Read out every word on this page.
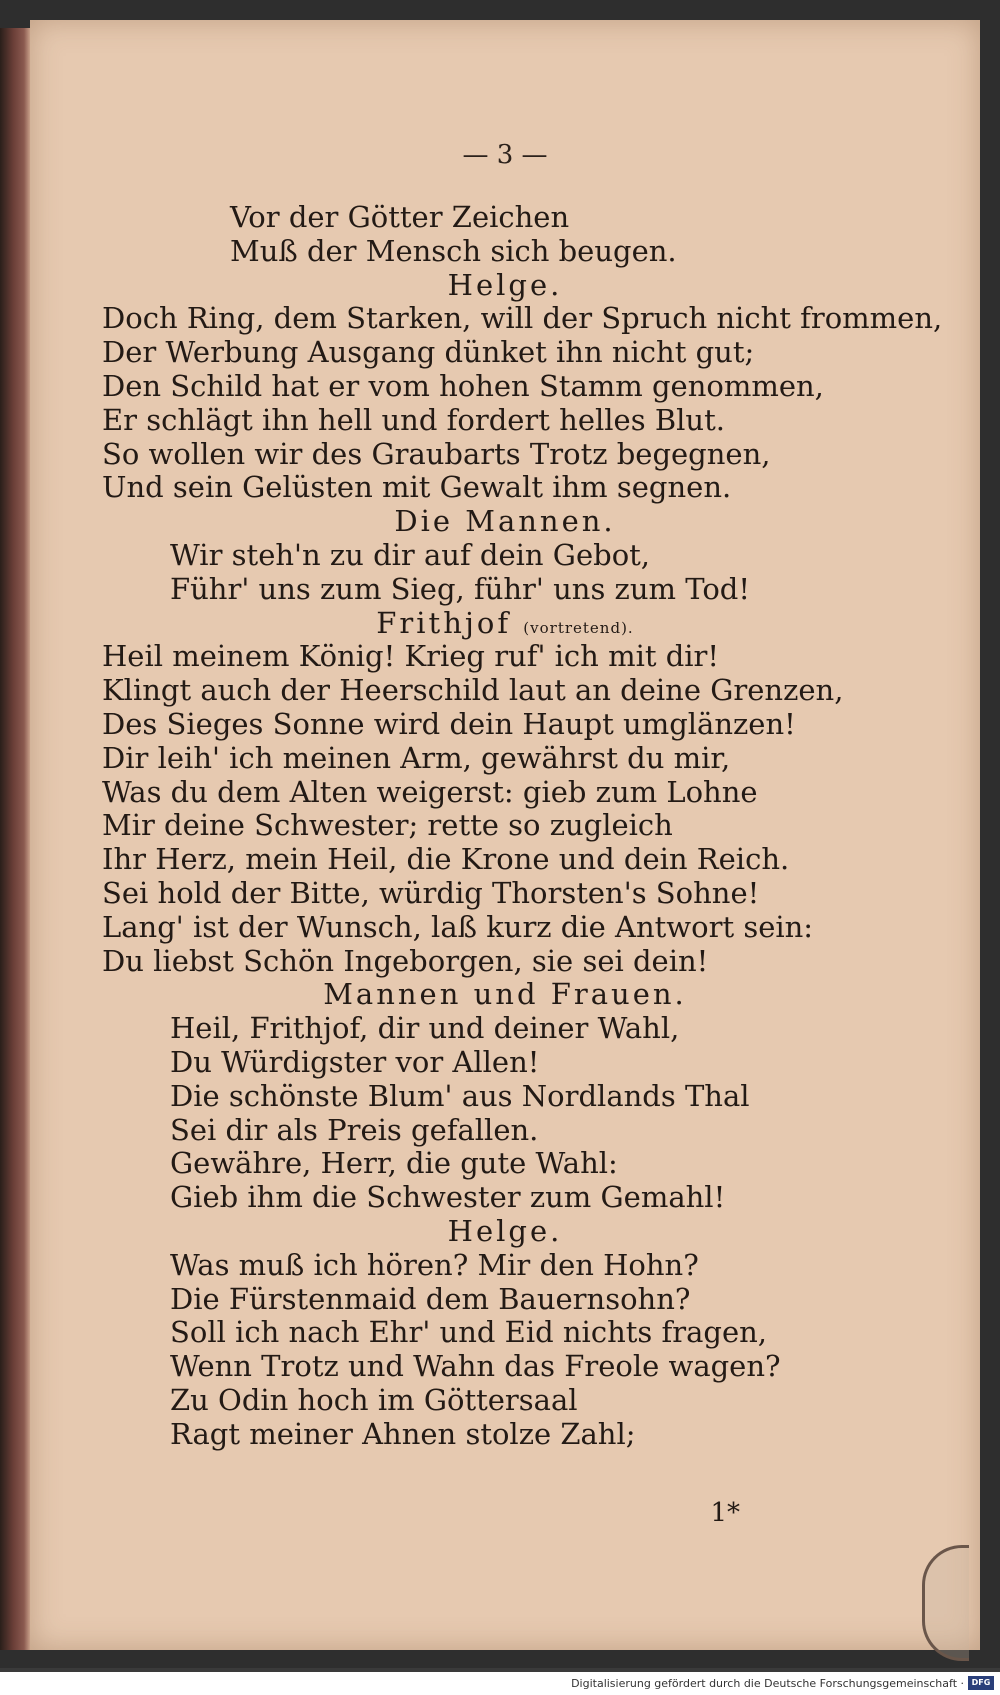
— 3 —
Vor der Götter Zeichen
Muß der Mensch sich beugen.
Helge.
Doch Ring, dem Starken, will der Spruch nicht frommen,
Der Werbung Ausgang dünket ihn nicht gut;
Den Schild hat er vom hohen Stamm genommen,
Er schlägt ihn hell und fordert helles Blut.
So wollen wir des Graubarts Trotz begegnen,
Und sein Gelüsten mit Gewalt ihm segnen.
Die Mannen.
Wir steh'n zu dir auf dein Gebot,
Führ' uns zum Sieg, führ' uns zum Tod!
Frithjof (vortretend).
Heil meinem König! Krieg ruf' ich mit dir!
Klingt auch der Heerschild laut an deine Grenzen,
Des Sieges Sonne wird dein Haupt umglänzen!
Dir leih' ich meinen Arm, gewährst du mir,
Was du dem Alten weigerst: gieb zum Lohne
Mir deine Schwester; rette so zugleich
Ihr Herz, mein Heil, die Krone und dein Reich.
Sei hold der Bitte, würdig Thorsten's Sohne!
Lang' ist der Wunsch, laß kurz die Antwort sein:
Du liebst Schön Ingeborgen, sie sei dein!
Mannen und Frauen.
Heil, Frithjof, dir und deiner Wahl,
Du Würdigster vor Allen!
Die schönste Blum' aus Nordlands Thal
Sei dir als Preis gefallen.
Gewähre, Herr, die gute Wahl:
Gieb ihm die Schwester zum Gemahl!
Helge.
Was muß ich hören? Mir den Hohn?
Die Fürstenmaid dem Bauernsohn?
Soll ich nach Ehr' und Eid nichts fragen,
Wenn Trotz und Wahn das Freole wagen?
Zu Odin hoch im Göttersaal
Ragt meiner Ahnen stolze Zahl;
1*
Digitalisierung gefördert durch die Deutsche Forschungsgemeinschaft · DFG
